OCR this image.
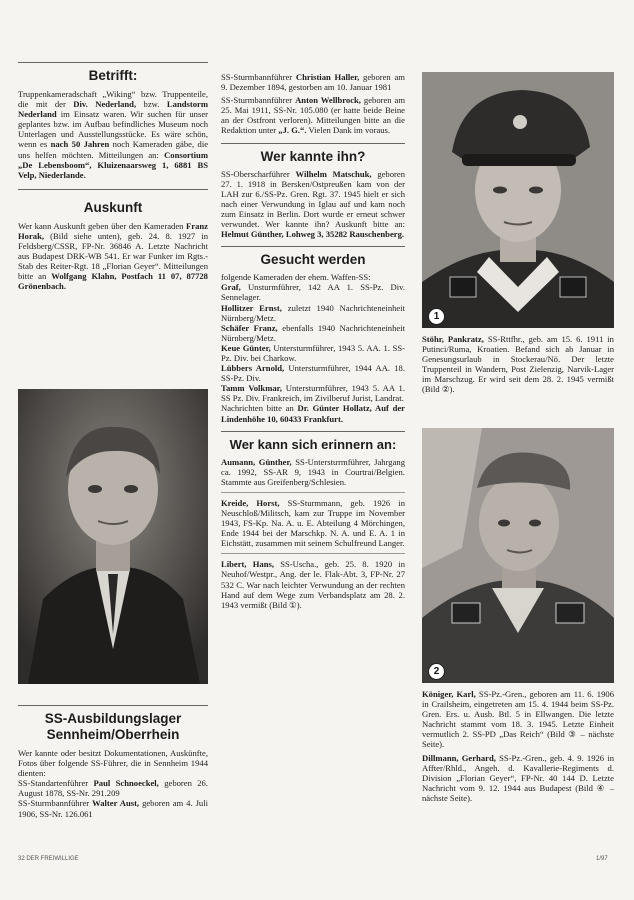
Betrifft:

Truppenkameradschaft „Wiking“ bzw. Truppenteile, die mit der Div. Nederland, bzw. Landstorm Nederland im Einsatz waren. Wir suchen für unser geplantes bzw. im Aufbau befindliches Museum noch Unterlagen und Ausstellungsstücke. Es wäre schön, wenn es nach 50 Jahren noch Kameraden gäbe, die uns helfen möchten. Mitteilungen an: Consortium „De Lebensboom“, Kluizenaarsweg 1, 6881 BS Velp, Niederlande.

Auskunft

Wer kann Auskunft geben über den Kameraden Franz Horak, (Bild siehe unten), geb. 24. 8. 1927 in Feldsberg/CSSR, FP-Nr. 36846 A. Letzte Nachricht aus Budapest DRK-WB 541. Er war Funker im Rgts.-Stab des Reiter-Rgt. 18 „Florian Geyer“. Mitteilungen bitte an Wolfgang Klahn, Postfach 11 07, 87728 Grönenbach.

SS-Ausbildungslager
Sennheim/Oberrhein

Wer kannte oder besitzt Dokumentationen, Auskünfte, Fotos über folgende SS-Führer, die in Sennheim 1944 dienten:

SS-Standartenführer Paul Schnoeckel, geboren 26. August 1878, SS-Nr. 291.209

SS-Sturmbannführer Walter Aust, geboren am 4. Juli 1906, SS-Nr. 126.061

SS-Sturmbannführer Christian Haller, geboren am 9. Dezember 1894, gestorben am 10. Januar 1981

SS-Sturmbannführer Anton Wellbrock, geboren am 25. Mai 1911, SS-Nr. 105.080 (er hatte beide Beine an der Ostfront verloren). Mitteilungen bitte an die Redaktion unter „J. G.“. Vielen Dank im voraus.

Wer kannte ihn?

SS-Oberscharführer Wilhelm Matschuk, geboren 27. 1. 1918 in Bersken/Ostpreußen kam von der LAH zur 6./SS-Pz. Gren. Rgt. 37. 1945 hielt er sich nach einer Verwundung in Iglau auf und kam noch zum Einsatz in Berlin. Dort wurde er erneut schwer verwundet. Wer kannte ihn? Auskunft bitte an: Helmut Günther, Lohweg 3, 35282 Rauschenberg.

Gesucht werden

folgende Kameraden der ehem. Waffen-SS:

Graf, Unsturmführer, 142 AA 1. SS-Pz. Div. Sennelager.

Hollitzer Ernst, zuletzt 1940 Nachrichteneinheit Nürnberg/Metz.

Schäfer Franz, ebenfalls 1940 Nachrichteneinheit Nürnberg/Metz.

Keue Günter, Untersturmführer, 1943 5. AA. 1. SS-Pz. Div. bei Charkow.

Lübbers Arnold, Untersturmführer, 1944 AA. 18. SS-Pz. Div.

Tamm Volkmar, Untersturmführer, 1943 5. AA 1. SS Pz. Div. Frankreich, im Zivilberuf Jurist, Landrat.

Nachrichten bitte an Dr. Günter Hollatz, Auf der Lindenhöhe 10, 60433 Frankfurt.

Wer kann sich erinnern an:

Aumann, Günther, SS-Unterstuтmführer, Jahrgang ca. 1992, SS-AR 9, 1943 in Courtrai/Belgien. Stammte aus Greifenberg/Schlesien.

Kreide, Horst, SS-Sturmmann, geb. 1926 in Neuschloß/Militsch, kam zur Truppe im November 1943, FS-Kp. Na. A. u. E. Abteilung 4 Mörchingen, Ende 1944 bei der Marschkp. N. A. und E. A. 1 in Eichstätt, zusammen mit seinem Schulfreund Langer.

Libert, Hans, SS-Uscha., geb. 25. 8. 1920 in Neuhof/Westpr., Ang. der le. Flak-Abt. 3, FP-Nr. 27 532 C. War nach leichter Verwundung an der rechten Hand auf dem Wege zum Verbandsplatz am 28. 2. 1943 vermißt (Bild ①).

1

Stöhr, Pankratz, SS-Rttfhr., geb. am 15. 6. 1911 in Putinci/Ruma, Kroatien. Befand sich ab Januar in Genesungsurlaub in Stockerau/Nö. Der letzte Truppenteil in Wandern, Post Zielenzig, Narvik-Lager im Marschzug. Er wird seit dem 28. 2. 1945 vermißt (Bild ②).

2

Königer, Karl, SS-Pz.-Gren., geboren am 11. 6. 1906 in Crailsheim, eingetreten am 15. 4. 1944 beim SS-Pz. Gren. Ers. u. Ausb. Btl. 5 in Ellwangen. Die letzte Nachricht stammt vom 18. 3. 1945. Letzte Einheit vermutlich 2. SS-PD „Das Reich“ (Bild ③ – nächste Seite).

Dillmann, Gerhard, SS-Pz.-Gren., geb. 4. 9. 1926 in Affter/Rhld., Angeh. d. Kavallerie-Regiments d. Division „Florian Geyer“, FP-Nr. 40 144 D. Letzte Nachricht vom 9. 12. 1944 aus Budapest (Bild ④ – nächste Seite).

32 DER FREIWILLIGE	1/97
